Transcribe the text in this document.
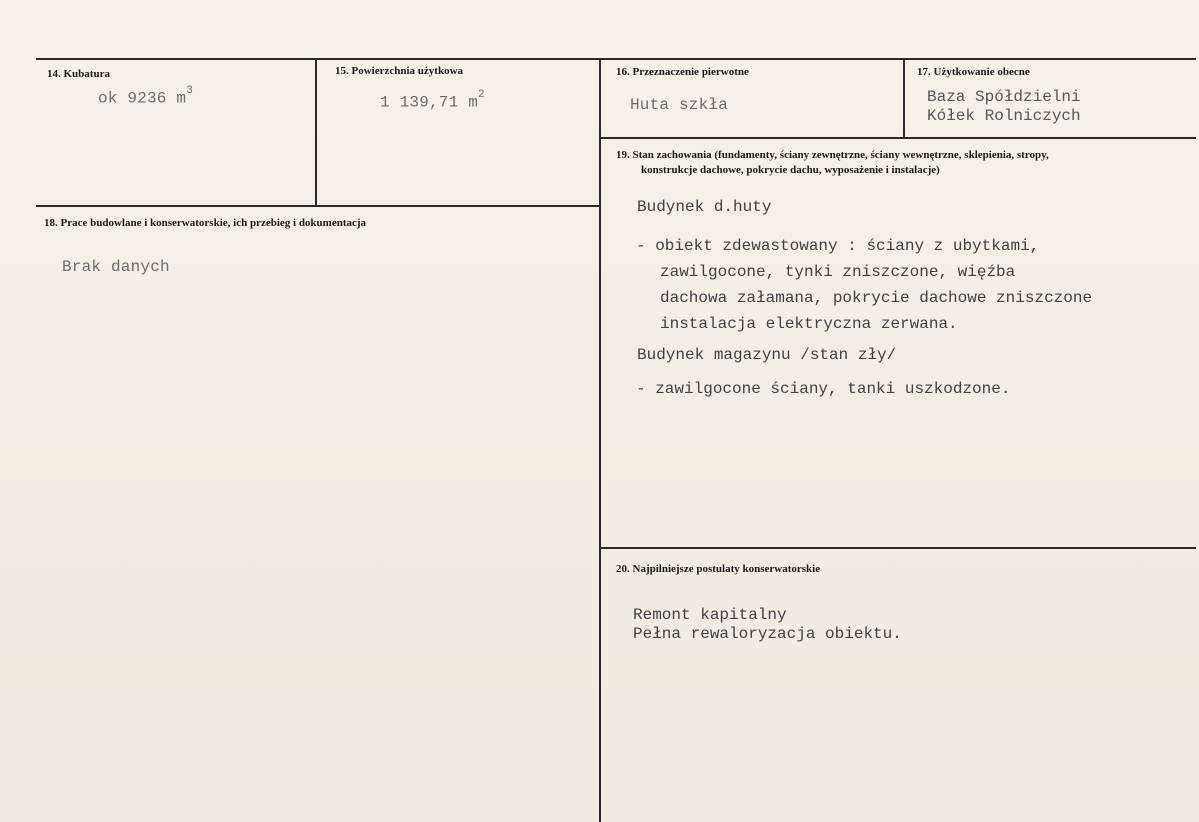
14. Kubatura
ok 9236 $m^3$
15. Powierzchnia użytkowa
1 139,71 $m^2$
16. Przeznaczenie pierwotne
Huta szkła
17. Użytkowanie obecne
Baza Spółdzielni
Kółek Rolniczych
19. Stan zachowania (fundamenty, ściany zewnętrzne, ściany wewnętrzne, sklepienia, stropy,
konstrukcje dachowe, pokrycie dachu, wyposażenie i instalacje)
Budynek d.huty
- obiekt zdewastowany : ściany z ubytkami,
zawilgocone, tynki zniszczone, więźba
dachowa załamana, pokrycie dachowe zniszczone
instalacja elektryczna zerwana.
Budynek magazynu /stan zły/
- zawilgocone ściany, tanki uszkodzone.
18. Prace budowlane i konserwatorskie, ich przebieg i dokumentacja
Brak danych
20. Najpilniejsze postulaty konserwatorskie
Remont kapitalny
Pełna rewaloryzacja obiektu.
